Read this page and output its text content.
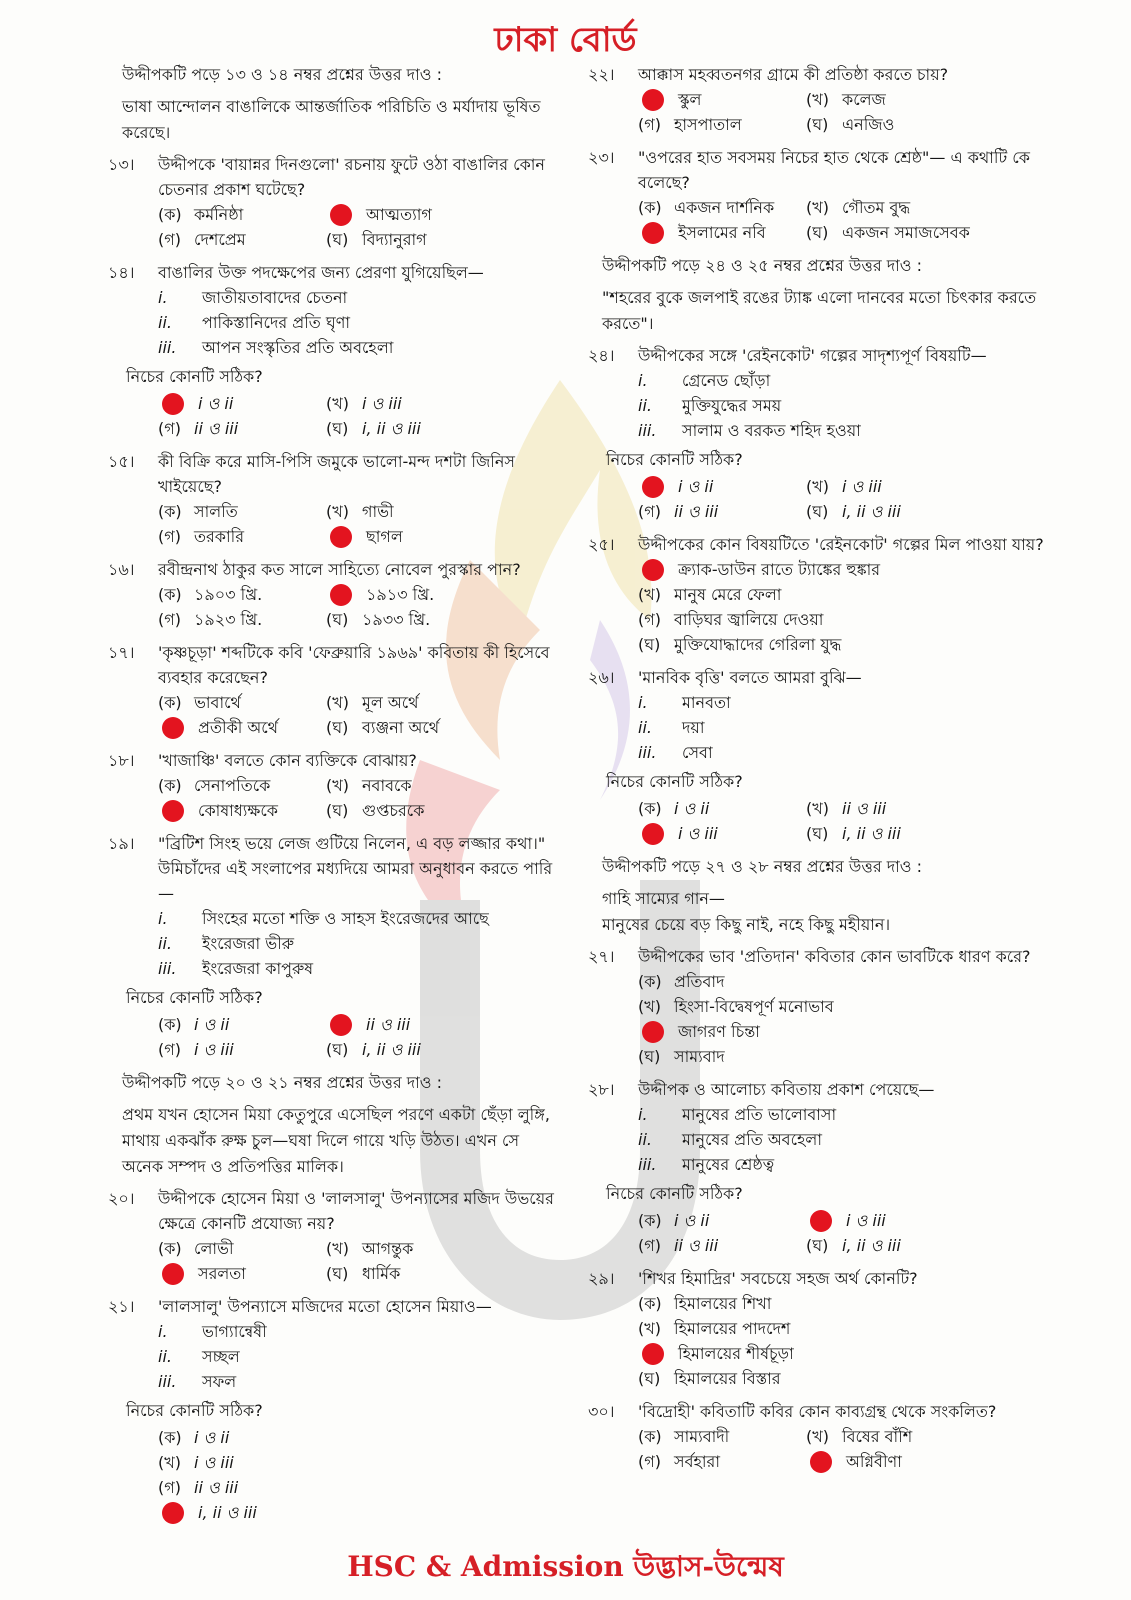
ঢাকা বোর্ড
উদ্দীপকটি পড়ে ১৩ ও ১৪ নম্বর প্রশ্নের উত্তর দাও :
ভাষা আন্দোলন বাঙালিকে আন্তর্জাতিক পরিচিতি ও মর্যাদায় ভূষিত করেছে।
১৩।	উদ্দীপকে 'বায়ান্নর দিনগুলো' রচনায় ফুটে ওঠা বাঙালির কোন চেতনার প্রকাশ ঘটেছে?
(ক) কর্মনিষ্ঠা	আত্মত্যাগ
(গ) দেশপ্রেম	(ঘ) বিদ্যানুরাগ
১৪।	বাঙালির উক্ত পদক্ষেপের জন্য প্রেরণা যুগিয়েছিল—
i. জাতীয়তাবাদের চেতনা
ii. পাকিস্তানিদের প্রতি ঘৃণা
iii. আপন সংস্কৃতির প্রতি অবহেলা
নিচের কোনটি সঠিক?
i ও ii	(খ) i ও iii
(গ) ii ও iii	(ঘ) i, ii ও iii
১৫।	কী বিক্রি করে মাসি-পিসি জমুকে ভালো-মন্দ দশটা জিনিস খাইয়েছে?
(ক) সালতি	(খ) গাভী
(গ) তরকারি	ছাগল
১৬।	রবীন্দ্রনাথ ঠাকুর কত সালে সাহিত্যে নোবেল পুরস্কার পান?
(ক) ১৯০৩ খ্রি.	১৯১৩ খ্রি.
(গ) ১৯২৩ খ্রি.	(ঘ) ১৯৩৩ খ্রি.
১৭।	'কৃষ্ণচূড়া' শব্দটিকে কবি 'ফেব্রুয়ারি ১৯৬৯' কবিতায় কী হিসেবে ব্যবহার করেছেন?
(ক) ভাবার্থে	(খ) মূল অর্থে
প্রতীকী অর্থে	(ঘ) ব্যঞ্জনা অর্থে
১৮।	'খাজাঞ্চি' বলতে কোন ব্যক্তিকে বোঝায়?
(ক) সেনাপতিকে	(খ) নবাবকে
কোষাধ্যক্ষকে	(ঘ) গুপ্তচরকে
১৯।	"ব্রিটিশ সিংহ ভয়ে লেজ গুটিয়ে নিলেন, এ বড় লজ্জার কথা।" উমিচাঁদের এই সংলাপের মধ্যদিয়ে আমরা অনুধাবন করতে পারি—
i. সিংহের মতো শক্তি ও সাহস ইংরেজদের আছে
ii. ইংরেজরা ভীরু
iii. ইংরেজরা কাপুরুষ
নিচের কোনটি সঠিক?
(ক) i ও ii	ii ও iii
(গ) i ও iii	(ঘ) i, ii ও iii
উদ্দীপকটি পড়ে ২০ ও ২১ নম্বর প্রশ্নের উত্তর দাও :
প্রথম যখন হোসেন মিয়া কেতুপুরে এসেছিল পরণে একটা ছেঁড়া লুঙ্গি, মাথায় একঝাঁক রুক্ষ চুল—ঘষা দিলে গায়ে খড়ি উঠত। এখন সে অনেক সম্পদ ও প্রতিপত্তির মালিক।
২০।	উদ্দীপকে হোসেন মিয়া ও 'লালসালু' উপন্যাসের মজিদ উভয়ের ক্ষেত্রে কোনটি প্রযোজ্য নয়?
(ক) লোভী	(খ) আগন্তুক
সরলতা	(ঘ) ধার্মিক
২১।	'লালসালু' উপন্যাসে মজিদের মতো হোসেন মিয়াও—
i. ভাগ্যান্বেষী
ii. সচ্ছল
iii. সফল
নিচের কোনটি সঠিক?
(ক) i ও ii
(খ) i ও iii
(গ) ii ও iii
i, ii ও iii
২২।	আক্কাস মহব্বতনগর গ্রামে কী প্রতিষ্ঠা করতে চায়?
স্কুল	(খ) কলেজ
(গ) হাসপাতাল	(ঘ) এনজিও
২৩।	"ওপরের হাত সবসময় নিচের হাত থেকে শ্রেষ্ঠ"— এ কথাটি কে বলেছে?
(ক) একজন দার্শনিক (খ) গৌতম বুদ্ধ
ইসলামের নবি	(ঘ) একজন সমাজসেবক
উদ্দীপকটি পড়ে ২৪ ও ২৫ নম্বর প্রশ্নের উত্তর দাও :
"শহরের বুকে জলপাই রঙের ট্যাঙ্ক এলো দানবের মতো চিৎকার করতে করতে"।
২৪।	উদ্দীপকের সঙ্গে 'রেইনকোট' গল্পের সাদৃশ্যপূর্ণ বিষয়টি—
i. গ্রেনেড ছোঁড়া
ii. মুক্তিযুদ্ধের সময়
iii. সালাম ও বরকত শহিদ হওয়া
নিচের কোনটি সঠিক?
i ও ii	(খ) i ও iii
(গ) ii ও iii	(ঘ) i, ii ও iii
২৫।	উদ্দীপকের কোন বিষয়টিতে 'রেইনকোট' গল্পের মিল পাওয়া যায়?
ক্র্যাক-ডাউন রাতে ট্যাঙ্কের হুঙ্কার
(খ) মানুষ মেরে ফেলা
(গ) বাড়িঘর জ্বালিয়ে দেওয়া
(ঘ) মুক্তিযোদ্ধাদের গেরিলা যুদ্ধ
২৬।	'মানবিক বৃত্তি' বলতে আমরা বুঝি—
i. মানবতা
ii. দয়া
iii. সেবা
নিচের কোনটি সঠিক?
(ক) i ও ii	(খ) ii ও iii
i ও iii	(ঘ) i, ii ও iii
উদ্দীপকটি পড়ে ২৭ ও ২৮ নম্বর প্রশ্নের উত্তর দাও :
গাহি সাম্যের গান—
মানুষের চেয়ে বড় কিছু নাই, নহে কিছু মহীয়ান।
২৭।	উদ্দীপকের ভাব 'প্রতিদান' কবিতার কোন ভাবটিকে ধারণ করে?
(ক) প্রতিবাদ
(খ) হিংসা-বিদ্বেষপূর্ণ মনোভাব
জাগরণ চিন্তা
(ঘ) সাম্যবাদ
২৮।	উদ্দীপক ও আলোচ্য কবিতায় প্রকাশ পেয়েছে—
i. মানুষের প্রতি ভালোবাসা
ii. মানুষের প্রতি অবহেলা
iii. মানুষের শ্রেষ্ঠত্ব
নিচের কোনটি সঠিক?
(ক) i ও ii	i ও iii
(গ) ii ও iii	(ঘ) i, ii ও iii
২৯।	'শিখর হিমাদ্রির' সবচেয়ে সহজ অর্থ কোনটি?
(ক) হিমালয়ের শিখা
(খ) হিমালয়ের পাদদেশ
হিমালয়ের শীর্ষচূড়া
(ঘ) হিমালয়ের বিস্তার
৩০।	'বিদ্রোহী' কবিতাটি কবির কোন কাব্যগ্রন্থ থেকে সংকলিত?
(ক) সাম্যবাদী	(খ) বিষের বাঁশি
(গ) সর্বহারা	অগ্নিবীণা
HSC & Admission উদ্ভাস-উন্মেষ
